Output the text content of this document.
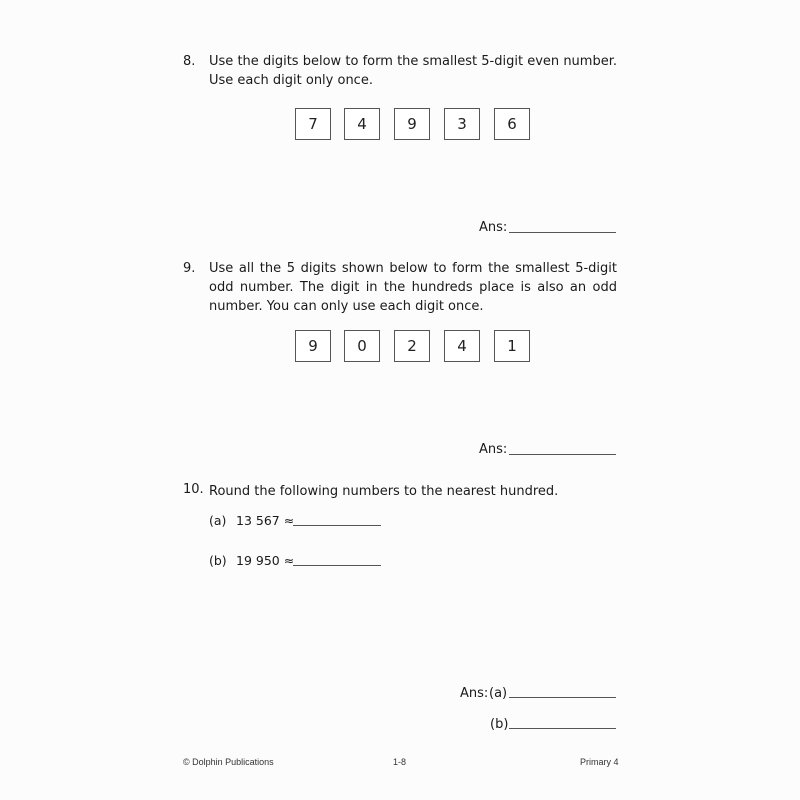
8. Use the digits below to form the smallest 5-digit even number. Use each digit only once.
7	4	9	3	6
Ans:
9. Use all the 5 digits shown below to form the smallest 5-digit odd number. The digit in the hundreds place is also an odd number. You can only use each digit once.
9	0	2	4	1
Ans:
10. Round the following numbers to the nearest hundred.
(a) 13 567 ≈
(b) 19 950 ≈
Ans: (a)
(b)
© Dolphin Publications	1-8	Primary 4
